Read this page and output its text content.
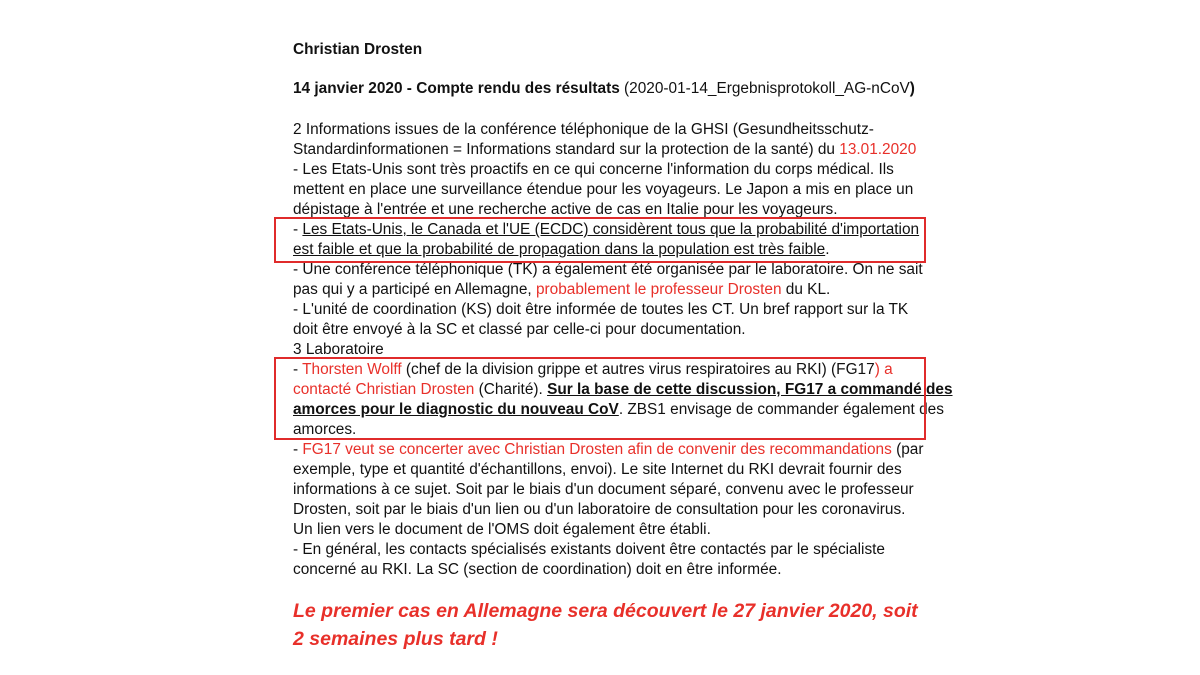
Christian Drosten
14 janvier 2020 - Compte rendu des résultats (2020-01-14_Ergebnisprotokoll_AG-nCoV)
2 Informations issues de la conférence téléphonique de la GHSI (Gesundheitsschutz-
Standardinformationen = Informations standard sur la protection de la santé) du 13.01.2020
- Les Etats-Unis sont très proactifs en ce qui concerne l'information du corps médical. Ils
mettent en place une surveillance étendue pour les voyageurs. Le Japon a mis en place un
dépistage à l'entrée et une recherche active de cas en Italie pour les voyageurs.
- Les Etats-Unis, le Canada et l'UE (ECDC) considèrent tous que la probabilité d'importation
est faible et que la probabilité de propagation dans la population est très faible.
- Une conférence téléphonique (TK) a également été organisée par le laboratoire. On ne sait
pas qui y a participé en Allemagne, probablement le professeur Drosten du KL.
- L'unité de coordination (KS) doit être informée de toutes les CT. Un bref rapport sur la TK
doit être envoyé à la SC et classé par celle-ci pour documentation.
3 Laboratoire
- Thorsten Wolff (chef de la division grippe et autres virus respiratoires au RKI) (FG17) a
contacté Christian Drosten (Charité). Sur la base de cette discussion, FG17 a commandé des
amorces pour le diagnostic du nouveau CoV. ZBS1 envisage de commander également des
amorces.
- FG17 veut se concerter avec Christian Drosten afin de convenir des recommandations (par
exemple, type et quantité d'échantillons, envoi). Le site Internet du RKI devrait fournir des
informations à ce sujet. Soit par le biais d'un document séparé, convenu avec le professeur
Drosten, soit par le biais d'un lien ou d'un laboratoire de consultation pour les coronavirus.
Un lien vers le document de l'OMS doit également être établi.
- En général, les contacts spécialisés existants doivent être contactés par le spécialiste
concerné au RKI. La SC (section de coordination) doit en être informée.
Le premier cas en Allemagne sera découvert le 27 janvier 2020, soit
2 semaines plus tard !
